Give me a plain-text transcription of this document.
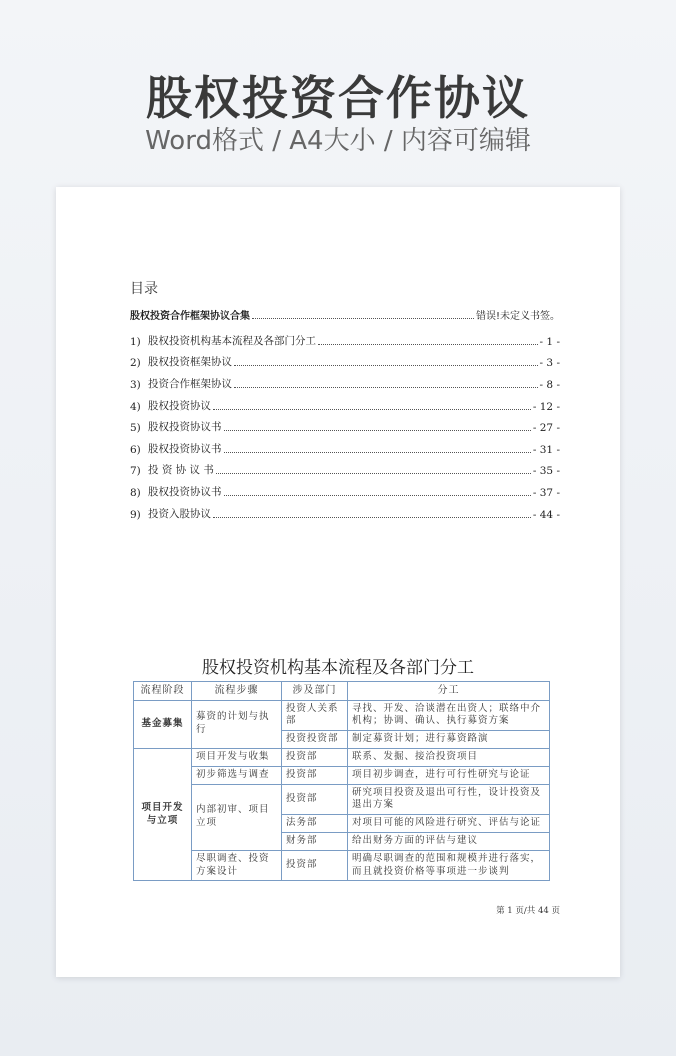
股权投资合作协议
Word格式 / A4大小 / 内容可编辑
目录
股权投资合作框架协议合集	错误!未定义书签。
1) 股权投资机构基本流程及各部门分工	- 1 -
2) 股权投资框架协议	- 3 -
3) 投资合作框架协议	- 8 -
4) 股权投资协议	- 12 -
5) 股权投资协议书	- 27 -
6) 股权投资协议书	- 31 -
7) 投 资 协 议 书	- 35 -
8) 股权投资协议书	- 37 -
9) 投资入股协议	- 44 -
股权投资机构基本流程及各部门分工
流程阶段	流程步骤	涉及部门	分工
基金募集	募资的计划与执行	投资人关系部	寻找、开发、洽谈潜在出资人；联络中介机构；协调、确认、执行募资方案
		投资投资部	制定募资计划；进行募资路演
项目开发与立项	项目开发与收集	投资部	联系、发掘、接洽投资项目
	初步筛选与调查	投资部	项目初步调查，进行可行性研究与论证
	内部初审、项目立项	投资部	研究项目投资及退出可行性，设计投资及退出方案
		法务部	对项目可能的风险进行研究、评估与论证
		财务部	给出财务方面的评估与建议
	尽职调查、投资方案设计	投资部	明确尽职调查的范围和规模并进行落实，而且就投资价格等事项进一步谈判
第 1 页/共 44 页
